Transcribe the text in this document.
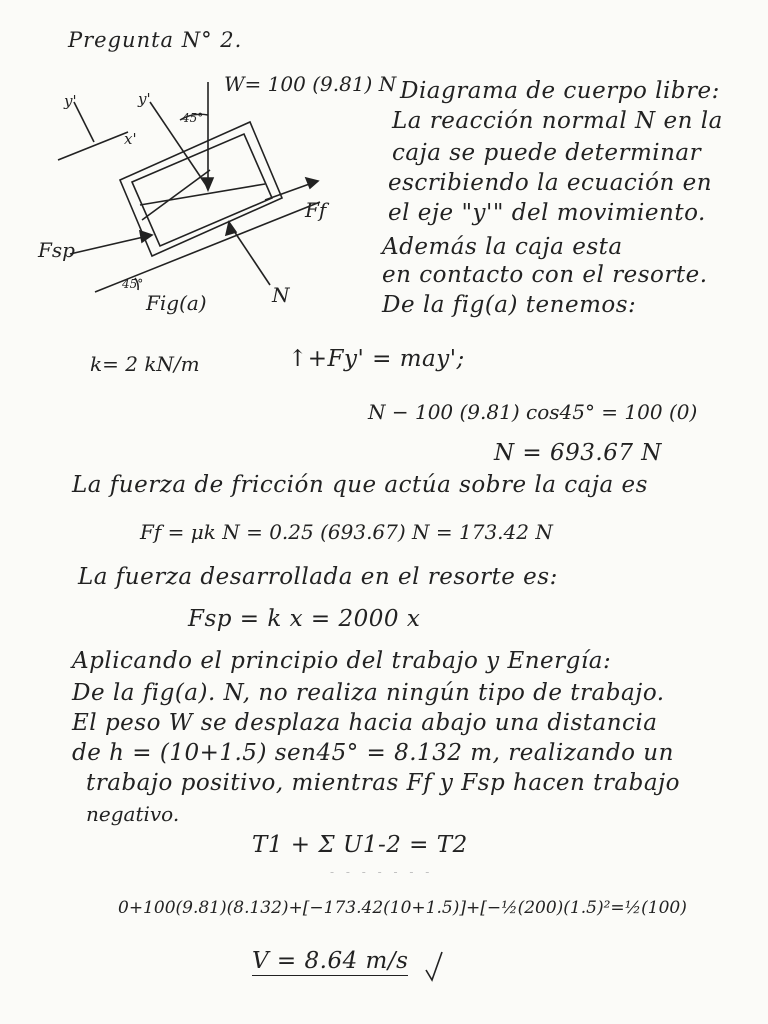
Pregunta N° 2.
W= 100 (9.81) N
45°
y'	y'
x'
Ff
Fsp
N
45°
Fig(a)
Diagrama de cuerpo libre:
La reacción normal N en la
caja se puede determinar
escribiendo la ecuación en
el eje "y'" del movimiento.
Además la caja esta
en contacto con el resorte.
De la fig(a) tenemos:
k= 2 kN/m	↑+Fy' = may';
N − 100 (9.81) cos45° = 100 (0)
N = 693.67 N
La fuerza de fricción que actúa sobre la caja es
Ff = μk N = 0.25 (693.67) N = 173.42 N
La fuerza desarrollada en el resorte es:
Fsp = k x = 2000 x
Aplicando el principio del trabajo y Energía:
De la fig(a). N, no realiza ningún tipo de trabajo.
El peso W se desplaza hacia abajo una distancia
de h = (10+1.5) sen45° = 8.132 m, realizando un
trabajo positivo, mientras Ff y Fsp hacen trabajo
negativo.
T1 + Σ U1-2 = T2
- - - - - - -
0+100(9.81)(8.132)+[−173.42(10+1.5)]+[−½(200)(1.5)²=½(100)
V = 8.64 m/s
